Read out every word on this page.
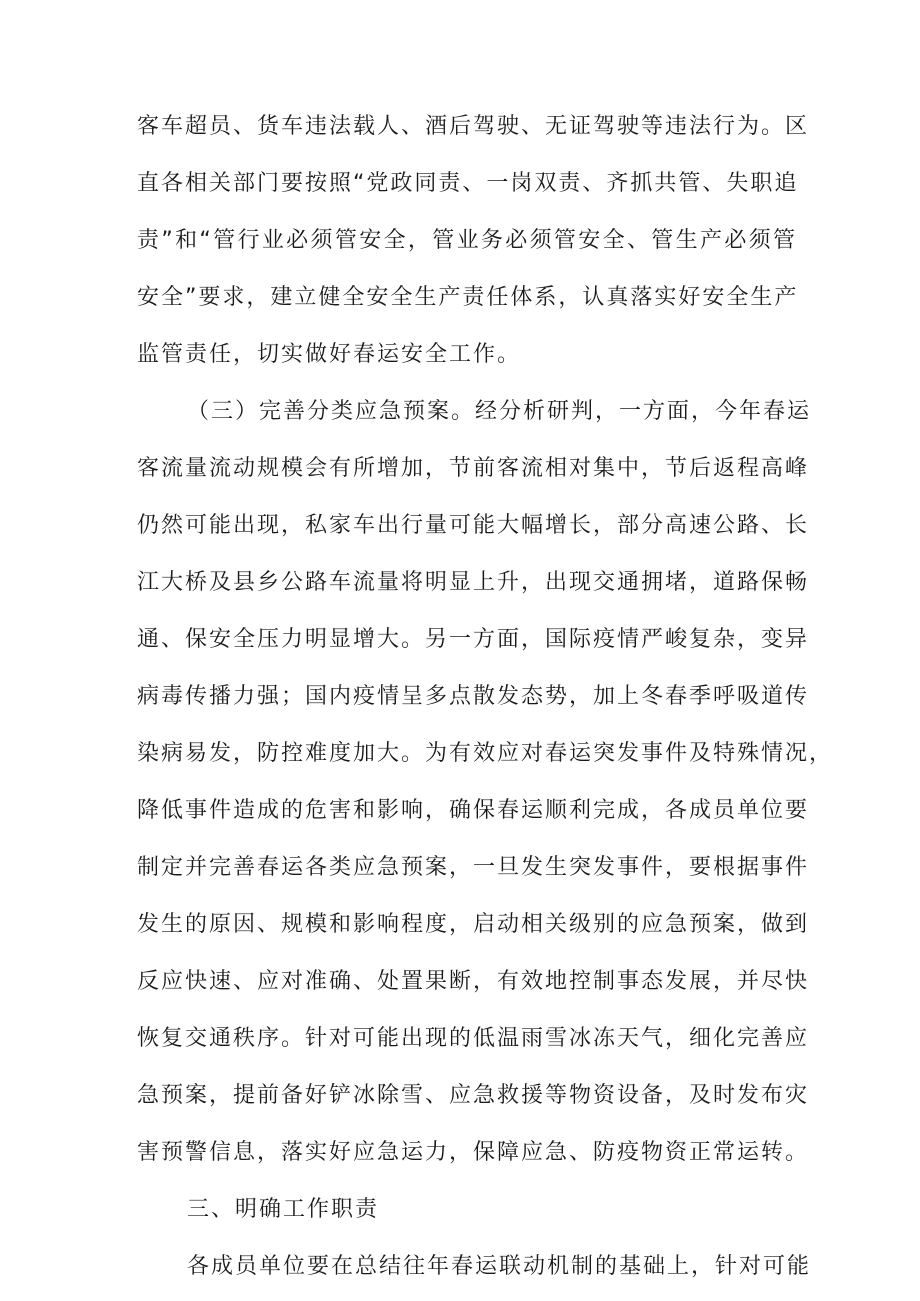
客车超员、货车违法载人、酒后驾驶、无证驾驶等违法行为。区

直各相关部门要按照“党政同责、一岗双责、齐抓共管、失职追

责”和“管行业必须管安全，管业务必须管安全、管生产必须管

安全”要求，建立健全安全生产责任体系，认真落实好安全生产

监管责任，切实做好春运安全工作。

（三）完善分类应急预案。经分析研判，一方面，今年春运

客流量流动规模会有所增加，节前客流相对集中，节后返程高峰

仍然可能出现，私家车出行量可能大幅增长，部分高速公路、长

江大桥及县乡公路车流量将明显上升，出现交通拥堵，道路保畅

通、保安全压力明显增大。另一方面，国际疫情严峻复杂，变异

病毒传播力强；国内疫情呈多点散发态势，加上冬春季呼吸道传

染病易发，防控难度加大。为有效应对春运突发事件及特殊情况，

降低事件造成的危害和影响，确保春运顺利完成，各成员单位要

制定并完善春运各类应急预案，一旦发生突发事件，要根据事件

发生的原因、规模和影响程度，启动相关级别的应急预案，做到

反应快速、应对准确、处置果断，有效地控制事态发展，并尽快

恢复交通秩序。针对可能出现的低温雨雪冰冻天气，细化完善应

急预案，提前备好铲冰除雪、应急救援等物资设备，及时发布灾

害预警信息，落实好应急运力，保障应急、防疫物资正常运转。

三、明确工作职责

各成员单位要在总结往年春运联动机制的基础上，针对可能
